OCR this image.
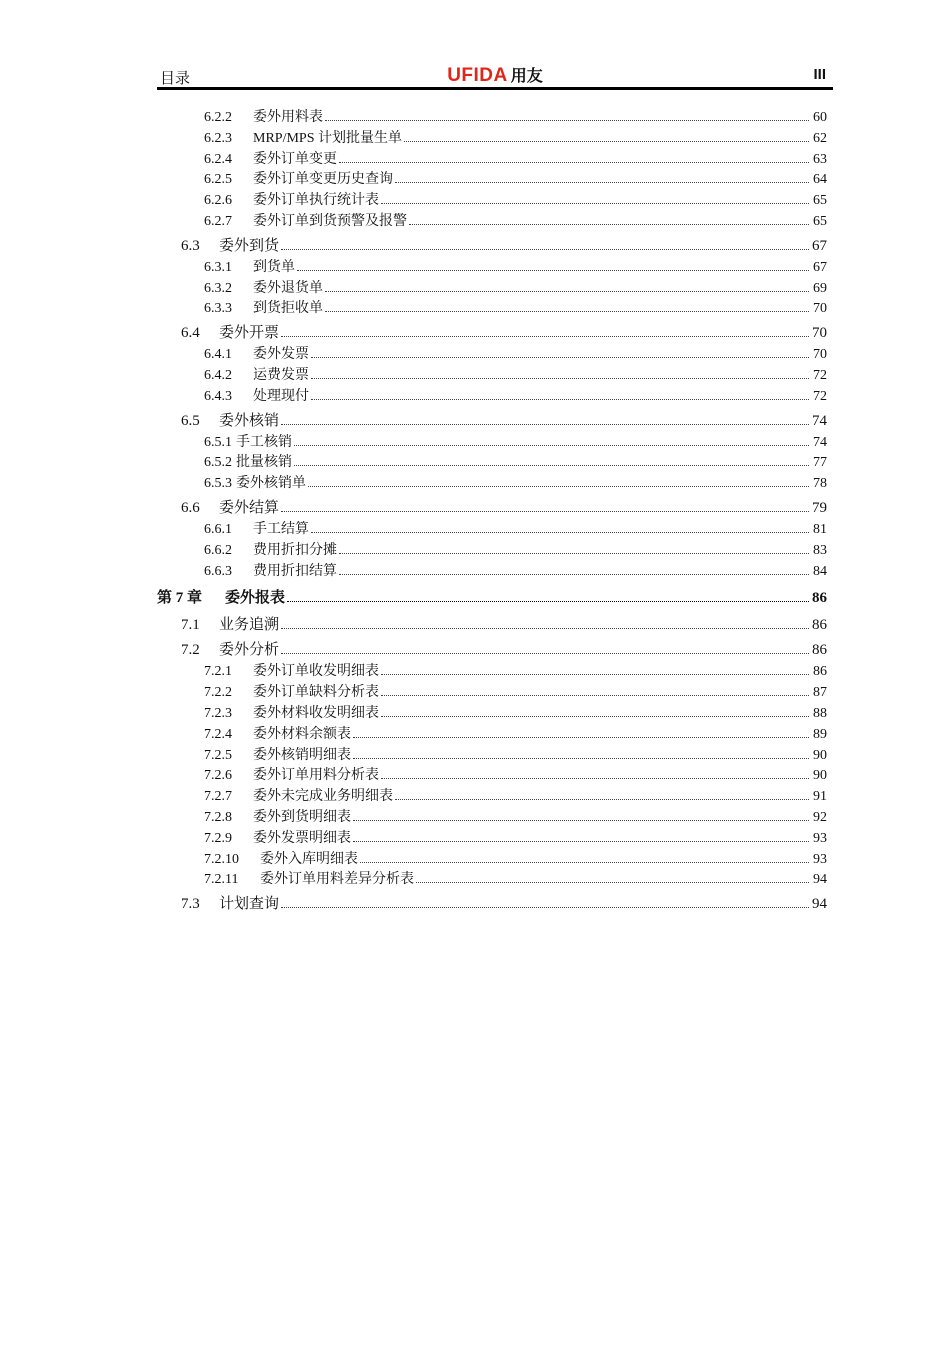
目录	UFIDA 用友	III
6.2.2	委外用料表	60
6.2.3	MRP/MPS 计划批量生单	62
6.2.4	委外订单变更	63
6.2.5	委外订单变更历史查询	64
6.2.6	委外订单执行统计表	65
6.2.7	委外订单到货预警及报警	65
6.3	委外到货	67
6.3.1	到货单	67
6.3.2	委外退货单	69
6.3.3	到货拒收单	70
6.4	委外开票	70
6.4.1	委外发票	70
6.4.2	运费发票	72
6.4.3	处理现付	72
6.5	委外核销	74
6.5.1 手工核销	74
6.5.2 批量核销	77
6.5.3 委外核销单	78
6.6	委外结算	79
6.6.1	手工结算	81
6.6.2	费用折扣分摊	83
6.6.3	费用折扣结算	84
第 7 章	委外报表	86
7.1	业务追溯	86
7.2	委外分析	86
7.2.1	委外订单收发明细表	86
7.2.2	委外订单缺料分析表	87
7.2.3	委外材料收发明细表	88
7.2.4	委外材料余额表	89
7.2.5	委外核销明细表	90
7.2.6	委外订单用料分析表	90
7.2.7	委外未完成业务明细表	91
7.2.8	委外到货明细表	92
7.2.9	委外发票明细表	93
7.2.10	委外入库明细表	93
7.2.11	委外订单用料差异分析表	94
7.3	计划查询	94
